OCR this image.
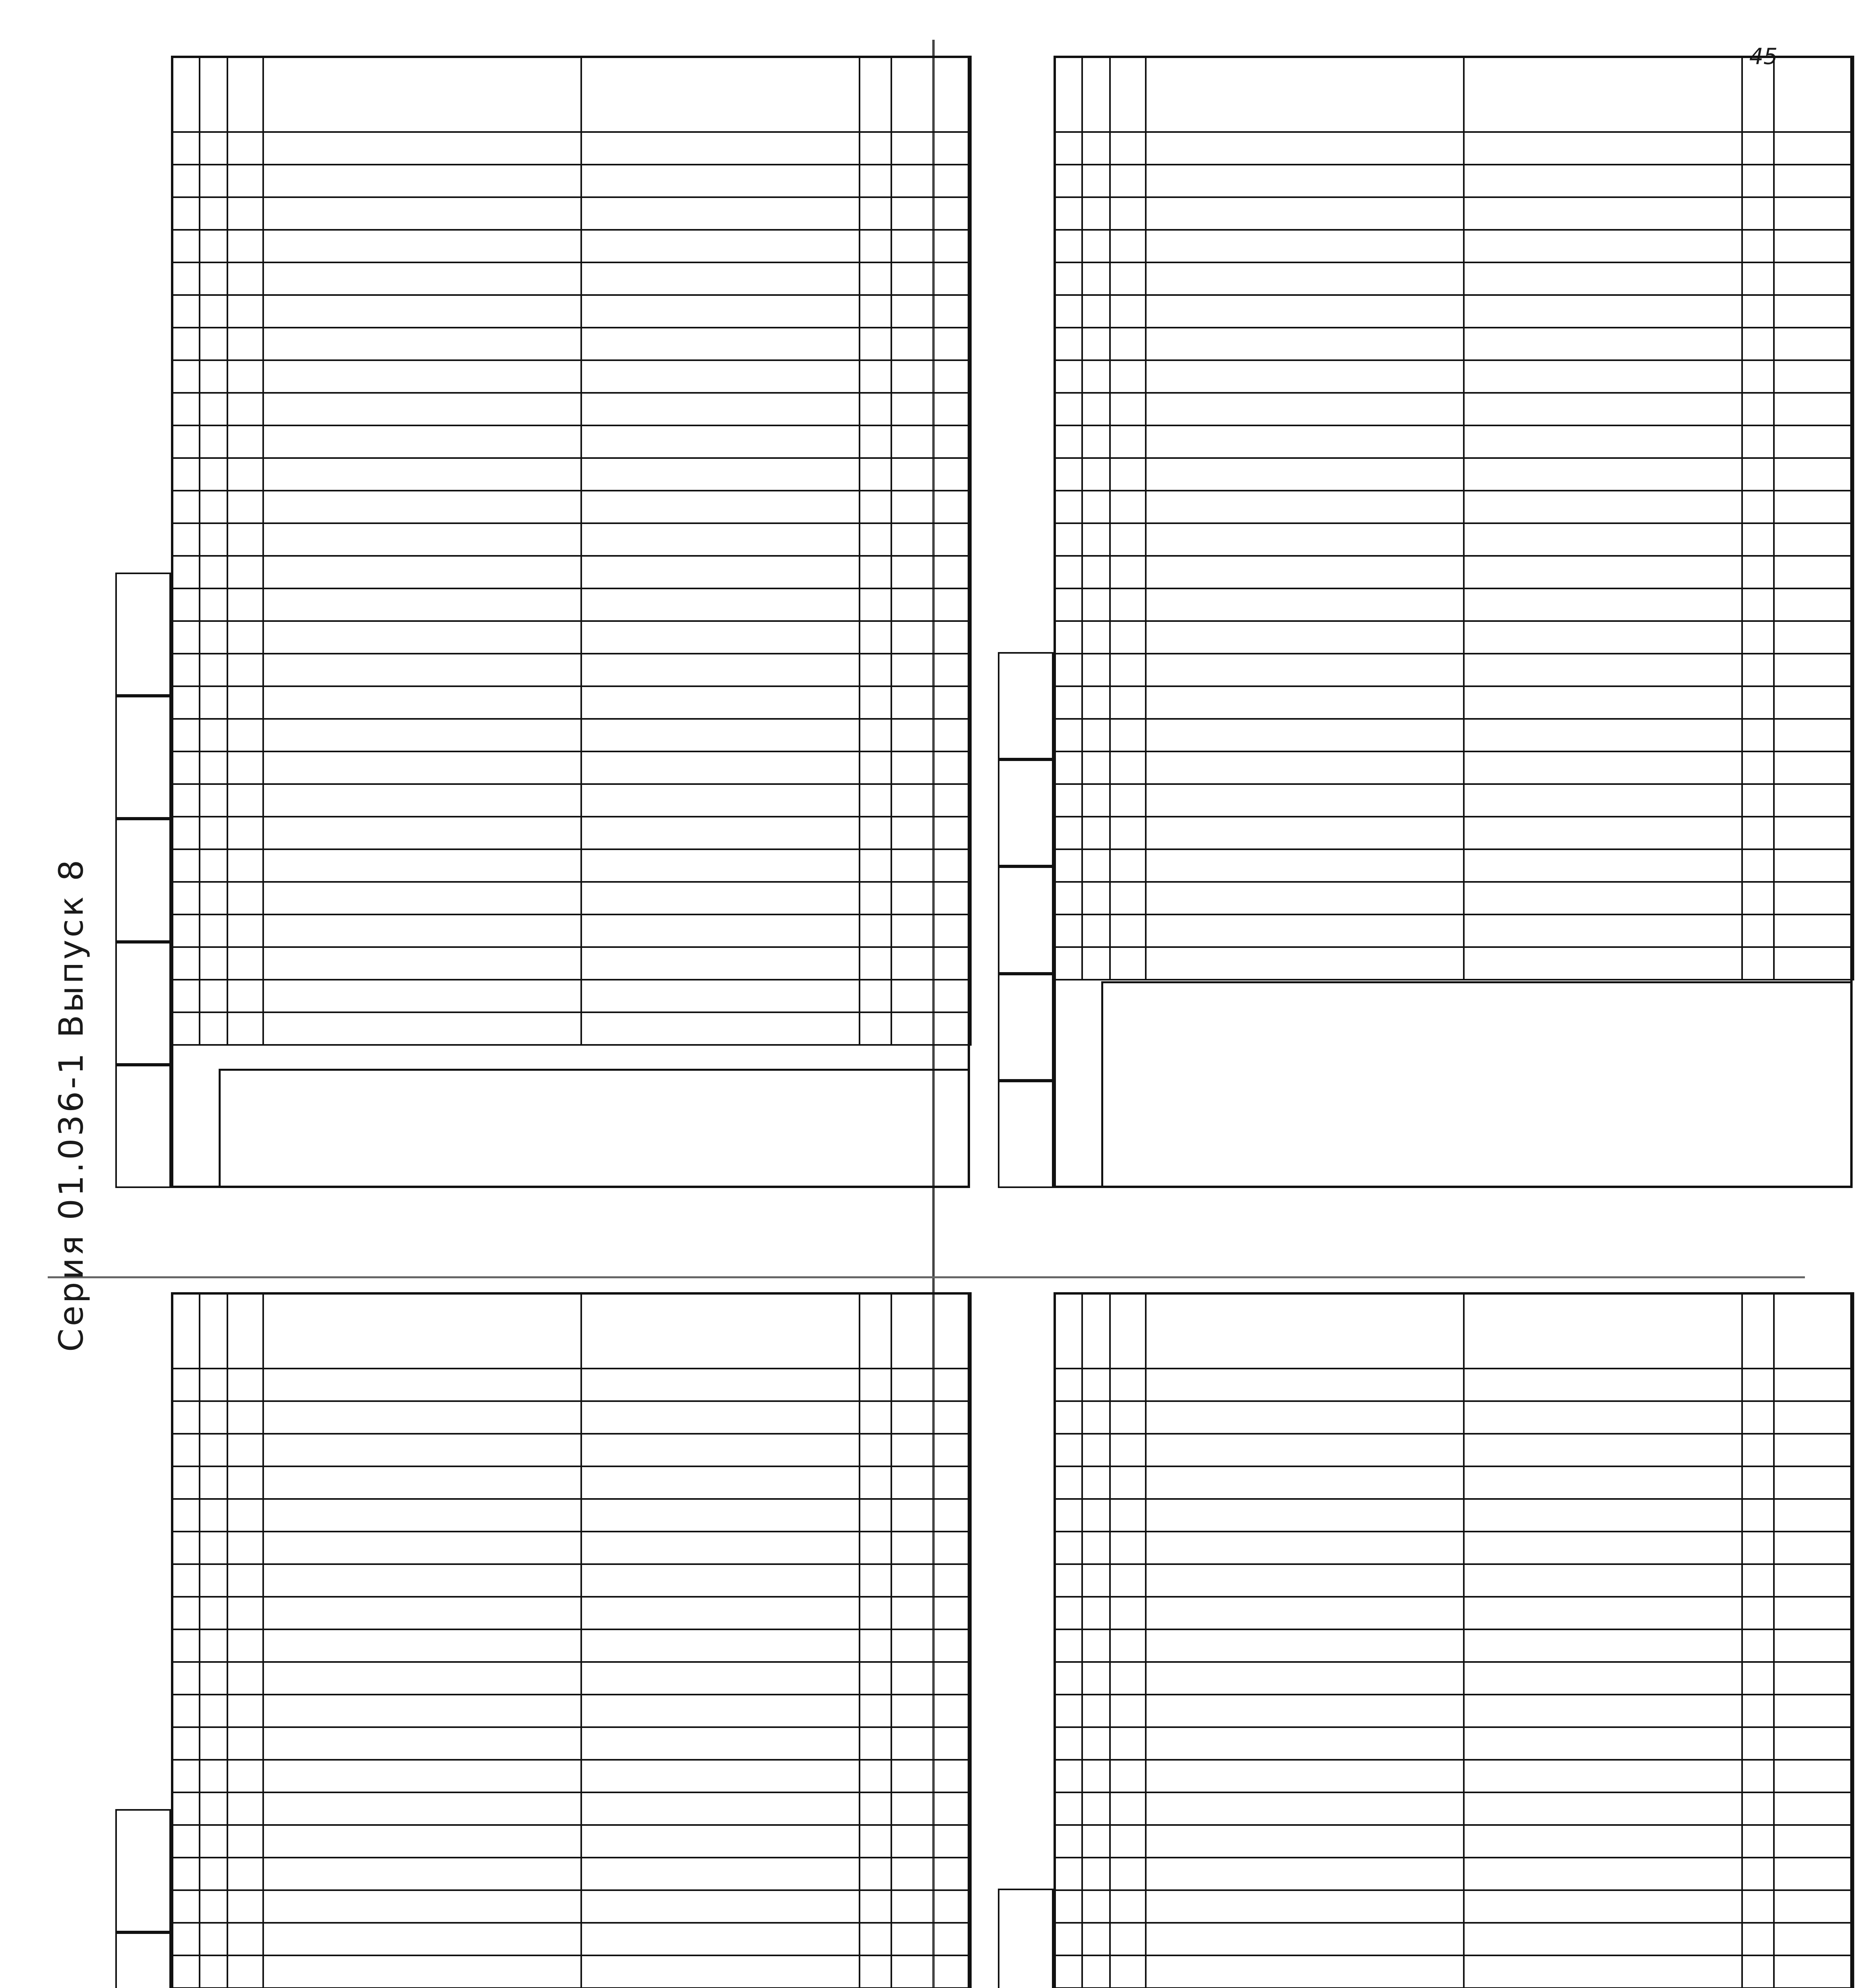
45
Серия 01.036-1 Выпуск 8
